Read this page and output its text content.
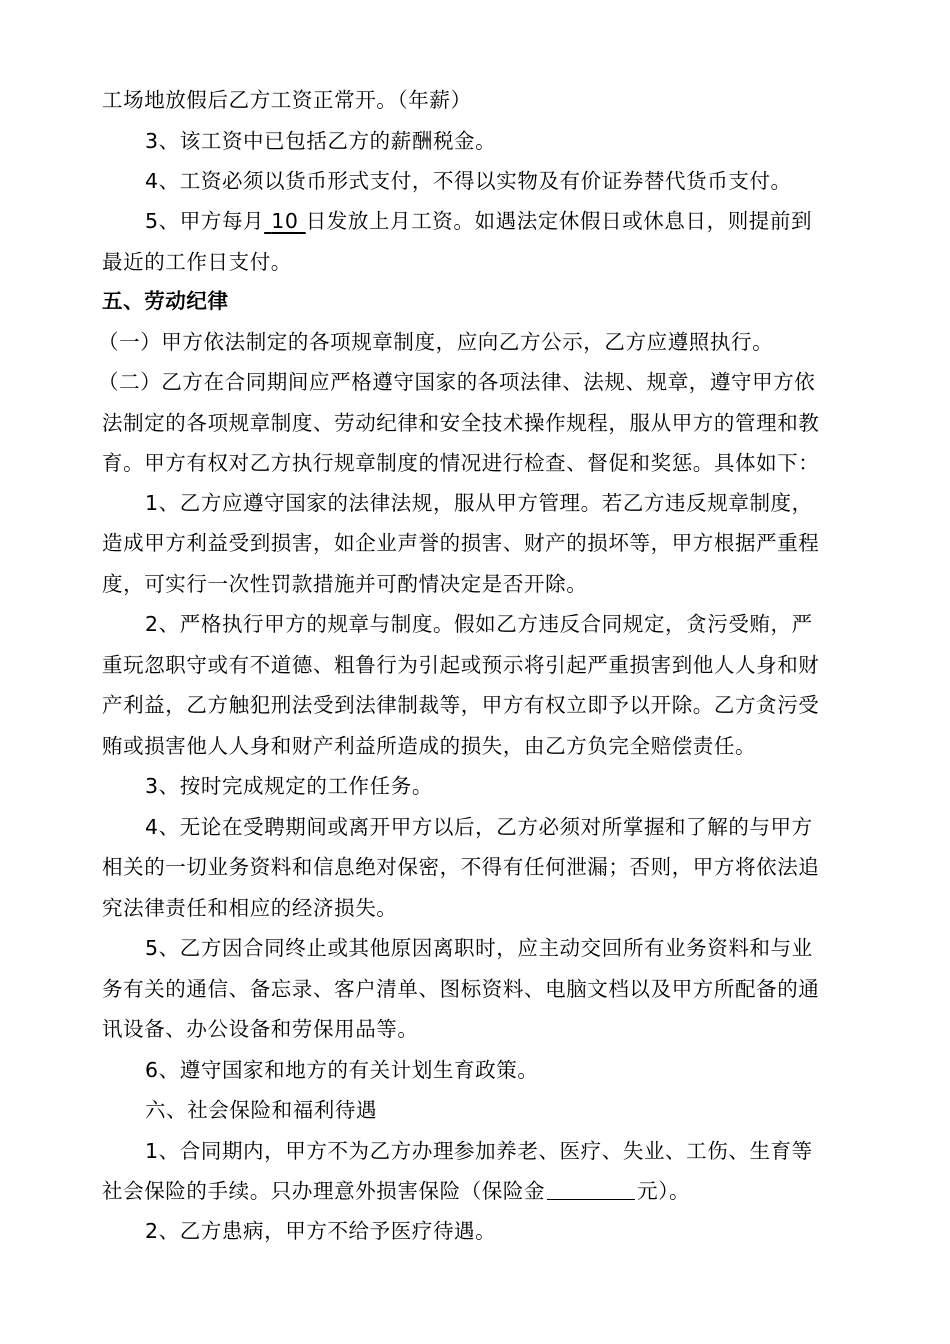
工场地放假后乙方工资正常开。（年薪）
3、该工资中已包括乙方的薪酬税金。
4、工资必须以货币形式支付，不得以实物及有价证券替代货币支付。
5、甲方每月 10 日发放上月工资。如遇法定休假日或休息日，则提前到
最近的工作日支付。
五、劳动纪律
（一）甲方依法制定的各项规章制度，应向乙方公示，乙方应遵照执行。
（二）乙方在合同期间应严格遵守国家的各项法律、法规、规章，遵守甲方依
法制定的各项规章制度、劳动纪律和安全技术操作规程，服从甲方的管理和教
育。甲方有权对乙方执行规章制度的情况进行检查、督促和奖惩。具体如下：
1、乙方应遵守国家的法律法规，服从甲方管理。若乙方违反规章制度，
造成甲方利益受到损害，如企业声誉的损害、财产的损坏等，甲方根据严重程
度，可实行一次性罚款措施并可酌情决定是否开除。
2、严格执行甲方的规章与制度。假如乙方违反合同规定，贪污受贿，严
重玩忽职守或有不道德、粗鲁行为引起或预示将引起严重损害到他人人身和财
产利益，乙方触犯刑法受到法律制裁等，甲方有权立即予以开除。乙方贪污受
贿或损害他人人身和财产利益所造成的损失，由乙方负完全赔偿责任。
3、按时完成规定的工作任务。
4、无论在受聘期间或离开甲方以后，乙方必须对所掌握和了解的与甲方
相关的一切业务资料和信息绝对保密，不得有任何泄漏；否则，甲方将依法追
究法律责任和相应的经济损失。
5、乙方因合同终止或其他原因离职时，应主动交回所有业务资料和与业
务有关的通信、备忘录、客户清单、图标资料、电脑文档以及甲方所配备的通
讯设备、办公设备和劳保用品等。
6、遵守国家和地方的有关计划生育政策。
六、社会保险和福利待遇
1、合同期内，甲方不为乙方办理参加养老、医疗、失业、工伤、生育等
社会保险的手续。只办理意外损害保险（保险金	元）。
2、乙方患病，甲方不给予医疗待遇。
